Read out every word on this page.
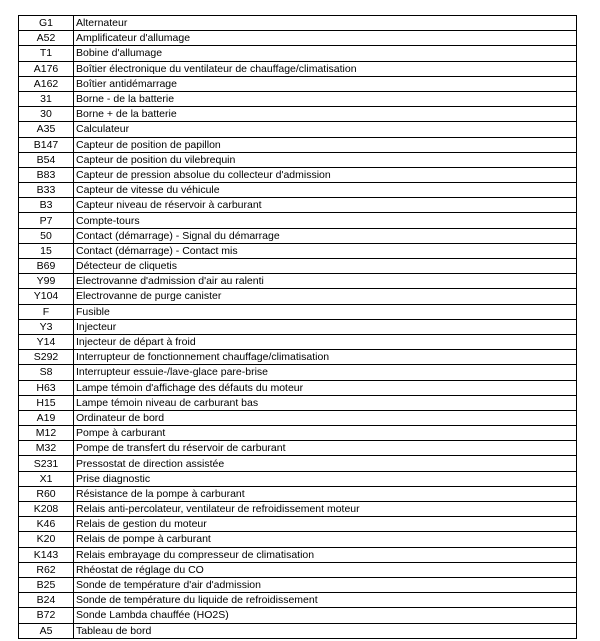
G1	Alternateur
A52	Amplificateur d'allumage
T1	Bobine d'allumage
A176	Boîtier électronique du ventilateur de chauffage/climatisation
A162	Boîtier antidémarrage
31	Borne - de la batterie
30	Borne + de la batterie
A35	Calculateur
B147	Capteur de position de papillon
B54	Capteur de position du vilebrequin
B83	Capteur de pression absolue du collecteur d'admission
B33	Capteur de vitesse du véhicule
B3	Capteur niveau de réservoir à carburant
P7	Compte-tours
50	Contact (démarrage) - Signal du démarrage
15	Contact (démarrage) - Contact mis
B69	Détecteur de cliquetis
Y99	Electrovanne d'admission d'air au ralenti
Y104	Electrovanne de purge canister
F	Fusible
Y3	Injecteur
Y14	Injecteur de départ à froid
S292	Interrupteur de fonctionnement chauffage/climatisation
S8	Interrupteur essuie-/lave-glace pare-brise
H63	Lampe témoin d'affichage des défauts du moteur
H15	Lampe témoin niveau de carburant bas
A19	Ordinateur de bord
M12	Pompe à carburant
M32	Pompe de transfert du réservoir de carburant
S231	Pressostat de direction assistée
X1	Prise diagnostic
R60	Résistance de la pompe à carburant
K208	Relais anti-percolateur, ventilateur de refroidissement moteur
K46	Relais de gestion du moteur
K20	Relais de pompe à carburant
K143	Relais embrayage du compresseur de climatisation
R62	Rhéostat de réglage du CO
B25	Sonde de température d'air d'admission
B24	Sonde de température du liquide de refroidissement
B72	Sonde Lambda chauffée (HO2S)
A5	Tableau de bord
